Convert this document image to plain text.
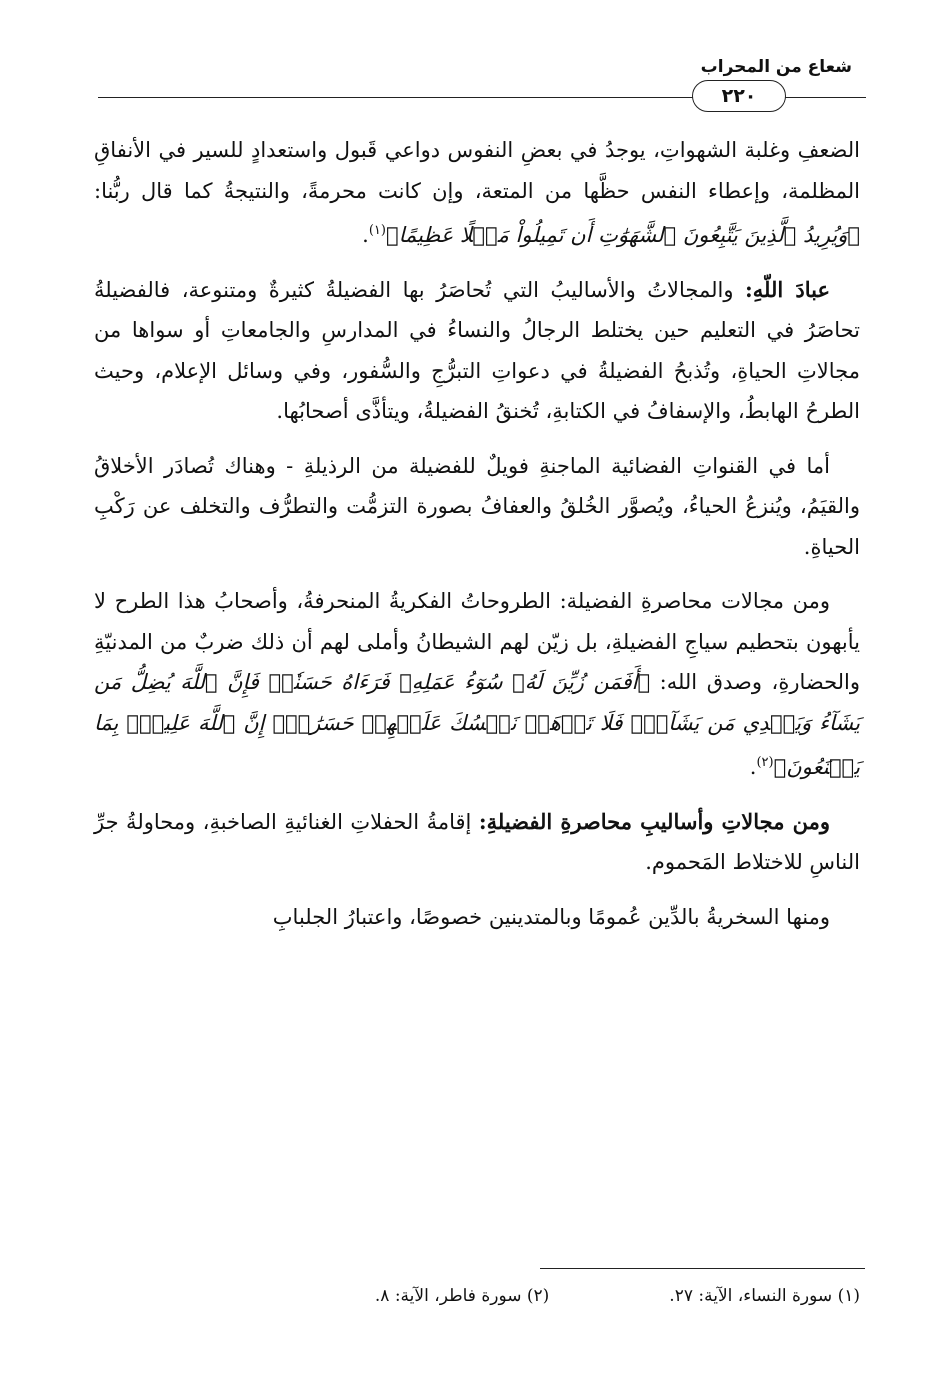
شعاع من المحراب
٢٢٠

الضعفِ وغلبة الشهواتِ، يوجدُ في بعضِ النفوس دواعي قَبول واستعدادٍ للسير في الأنفاقِ المظلمة، وإعطاء النفس حظَّها من المتعة، وإن كانت محرمةً، والنتيجةُ كما قال ربُّنا: ﴿وَيُرِيدُ ٱلَّذِينَ يَتَّبِعُونَ ٱلشَّهَوَٰتِ أَن تَمِيلُواْ مَيۡلًا عَظِيمًا﴾$^{(١)}$.

عبادَ اللّهِ: والمجالاتُ والأساليبُ التي تُحاصَرُ بها الفضيلةُ كثيرةٌ ومتنوعة، فالفضيلةُ تحاصَرُ في التعليم حين يختلط الرجالُ والنساءُ في المدارسِ والجامعاتِ أو سواها من مجالاتِ الحياةِ، وتُذبحُ الفضيلةُ في دعواتِ التبرُّجِ والسُّفور، وفي وسائل الإعلام، وحيث الطرحُ الهابطُ، والإسفافُ في الكتابةِ، تُخنقُ الفضيلةُ، ويتأذَّى أصحابُها.

أما في القنواتِ الفضائية الماجنةِ فويلٌ للفضيلة من الرذيلةِ - وهناك تُصادَر الأخلاقُ والقيَمُ، ويُنزعُ الحياءُ، ويُصوَّر الخُلقُ والعفافُ بصورة التزمُّت والتطرُّف والتخلف عن رَكْبِ الحياةِ.

ومن مجالات محاصرةِ الفضيلة: الطروحاتُ الفكريةُ المنحرفةُ، وأصحابُ هذا الطرح لا يأبهون بتحطيم سياجِ الفضيلةِ، بل زيّن لهم الشيطانُ وأملى لهم أن ذلك ضربٌ من المدنيّةِ والحضارةِ، وصدق الله: ﴿أَفَمَن زُيِّنَ لَهُۥ سُوٓءُ عَمَلِهِۦ فَرَءَاهُ حَسَنٗاۖ فَإِنَّ ٱللَّهَ يُضِلُّ مَن يَشَآءُ وَيَهۡدِي مَن يَشَآءُۖ فَلَا تَذۡهَبۡ نَفۡسُكَ عَلَيۡهِمۡ حَسَرَٰتٍۚ إِنَّ ٱللَّهَ عَلِيمُۢ بِمَا يَصۡنَعُونَ﴾$^{(٢)}$.

ومن مجالاتِ وأساليبِ محاصرةِ الفضيلةِ: إقامةُ الحفلاتِ الغنائيةِ الصاخبةِ، ومحاولةُ جرِّ الناسِ للاختلاط المَحموم.

ومنها السخريةُ بالدِّين عُمومًا وبالمتدينين خصوصًا، واعتبارُ الجلبابِ

(١) سورة النساء، الآية: ٢٧.
(٢) سورة فاطر، الآية: ٨.
